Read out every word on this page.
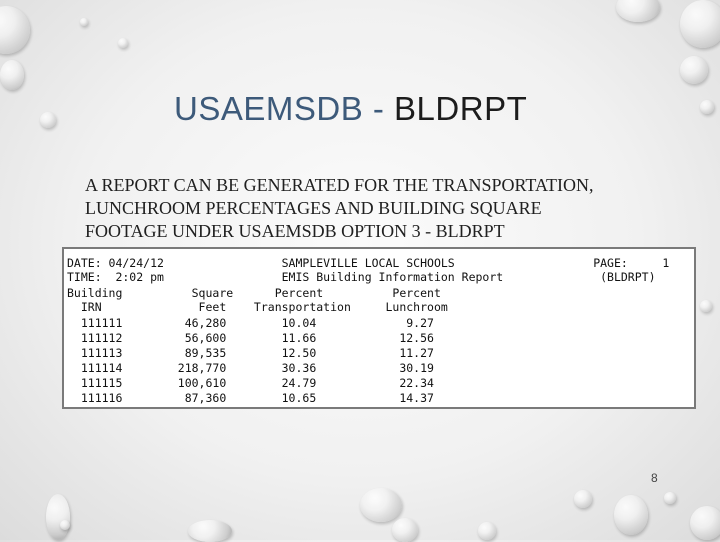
USAEMSDB - BLDRPT
A REPORT CAN BE GENERATED FOR THE TRANSPORTATION,
LUNCHROOM PERCENTAGES AND BUILDING SQUARE
FOOTAGE UNDER USAEMSDB OPTION 3 - BLDRPT
DATE: 04/24/12                 SAMPLEVILLE LOCAL SCHOOLS                    PAGE:     1
TIME:  2:02 pm                 EMIS Building Information Report              (BLDRPT)
Building          Square      Percent          Percent
IRN              Feet    Transportation     Lunchroom
111111         46,280        10.04             9.27
111112         56,600        11.66            12.56
111113         89,535        12.50            11.27
111114        218,770        30.36            30.19
111115        100,610        24.79            22.34
111116         87,360        10.65            14.37
8
